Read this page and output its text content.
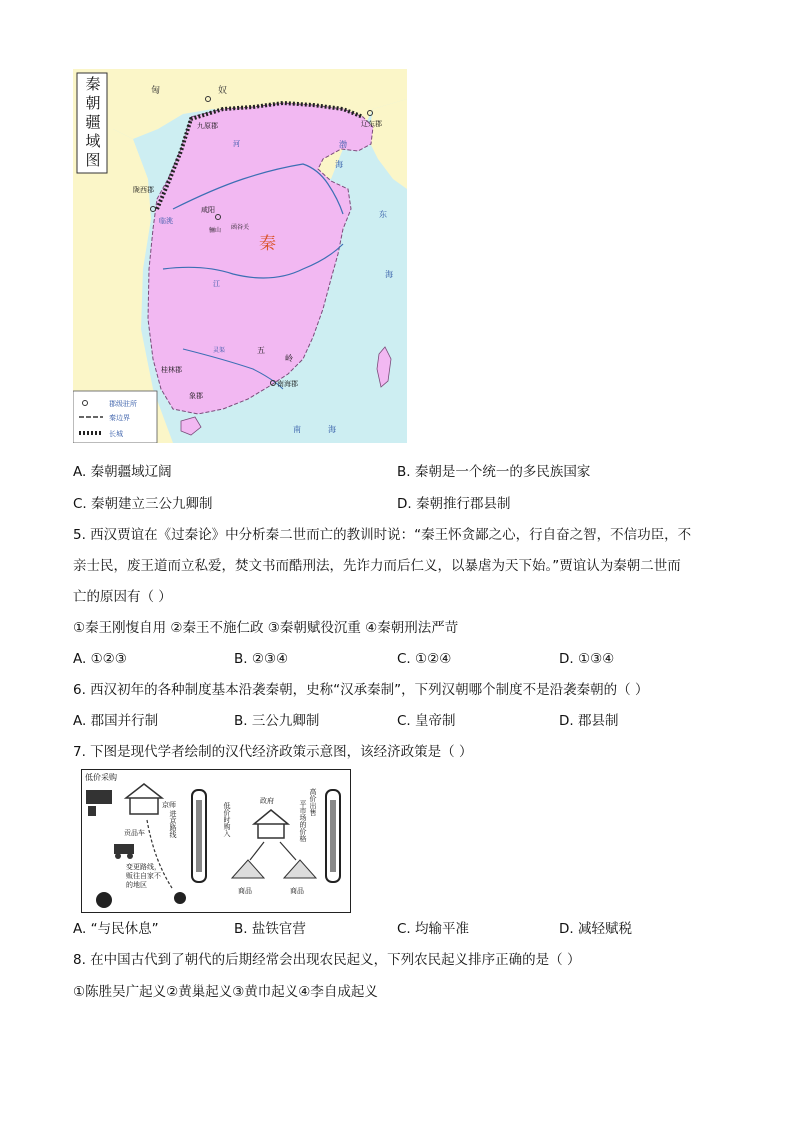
秦
朝
疆
域
图
匈	奴
九原郡	辽东郡
渤
海
陇西郡
临洮
咸阳
骊山 函谷关
秦
河
江
灵渠	五
岭
桂林郡
象郡
南海郡
南	海
东
海
郡级驻所
秦边界
长城
A. 秦朝疆域辽阔	B. 秦朝是一个统一的多民族国家
C. 秦朝建立三公九卿制	D. 秦朝推行郡县制
5. 西汉贾谊在《过秦论》中分析秦二世而亡的教训时说：“秦王怀贪鄙之心，行自奋之智，不信功臣，不
亲士民，废王道而立私爱，焚文书而酷刑法，先诈力而后仁义，以暴虐为天下始。”贾谊认为秦朝二世而
亡的原因有（ ）
①秦王刚愎自用 ②秦王不施仁政 ③秦朝赋役沉重 ④秦朝刑法严苛
A. ①②③	B. ②③④	C. ①②④	D. ①③④
6. 西汉初年的各种制度基本沿袭秦朝，史称“汉承秦制”，下列汉朝哪个制度不是沿袭秦朝的（ ）
A. 郡国并行制	B. 三公九卿制	C. 皇帝制	D. 郡县制
7. 下图是现代学者绘制的汉代经济政策示意图，该经济政策是（ ）
低价采购
京师
贡品车
变更路线，
贩往自家不
的地区
进京路线
政府
低价时购入	高价出售
平市场的价格
商品	商品
A. “与民休息”	B. 盐铁官营	C. 均输平准	D. 减轻赋税
8. 在中国古代到了朝代的后期经常会出现农民起义，下列农民起义排序正确的是（ ）
①陈胜吴广起义②黄巢起义③黄巾起义④李自成起义
